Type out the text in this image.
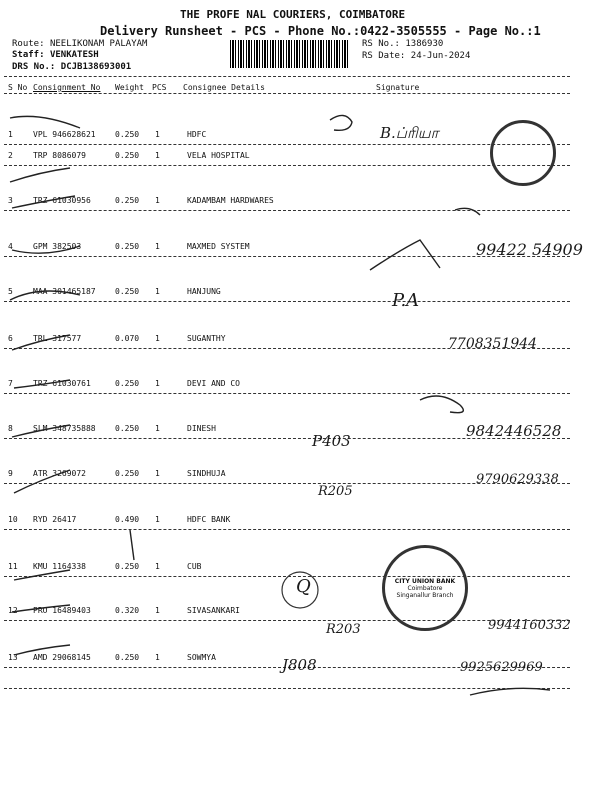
THE PROFE NAL COURIERS, COIMBATORE
Delivery Runsheet - PCS - Phone No.:0422-3505555 - Page No.:1
Route: NEELIKONAM PALAYAM
Staff: VENKATESH
DRS No.: DCJB138693001
RS No.: 1386930
RS Date: 24-Jun-2024
S No Consignment No Weight PCS Consignee Details	Signature
1	VPL 946628621 0.250 1	HDFC
2	TRP 8086079	0.250 1	VELA HOSPITAL
3	TRZ 61030956	0.250 1	KADAMBAM HARDWARES
4	GPM 382503	0.250 1	MAXMED SYSTEM
5	MAA 301465187 0.250 1	HANJUNG
6	TRL 317577	0.070 1	SUGANTHY
7	TRZ 61030761	0.250 1	DEVI AND CO
8	SLM 348735888 0.250 1	DINESH
9	ATR 3269072	0.250 1	SINDHUJA
10 RYD 26417	0.490 1	HDFC BANK
11 KMU 1164338	0.250 1	CUB
12 PRO 16489403	0.320 1	SIVASANKARI
13 AMD 29068145	0.250 1	SOWMYA
B.ப்ரியா
99422 54909
P.A
7708351944
9842446528
P403
9790629338
R205
Q
9944160332
R203
9925629969
J808
CITY UNION BANK
Coimbatore
Singanallur Branch
